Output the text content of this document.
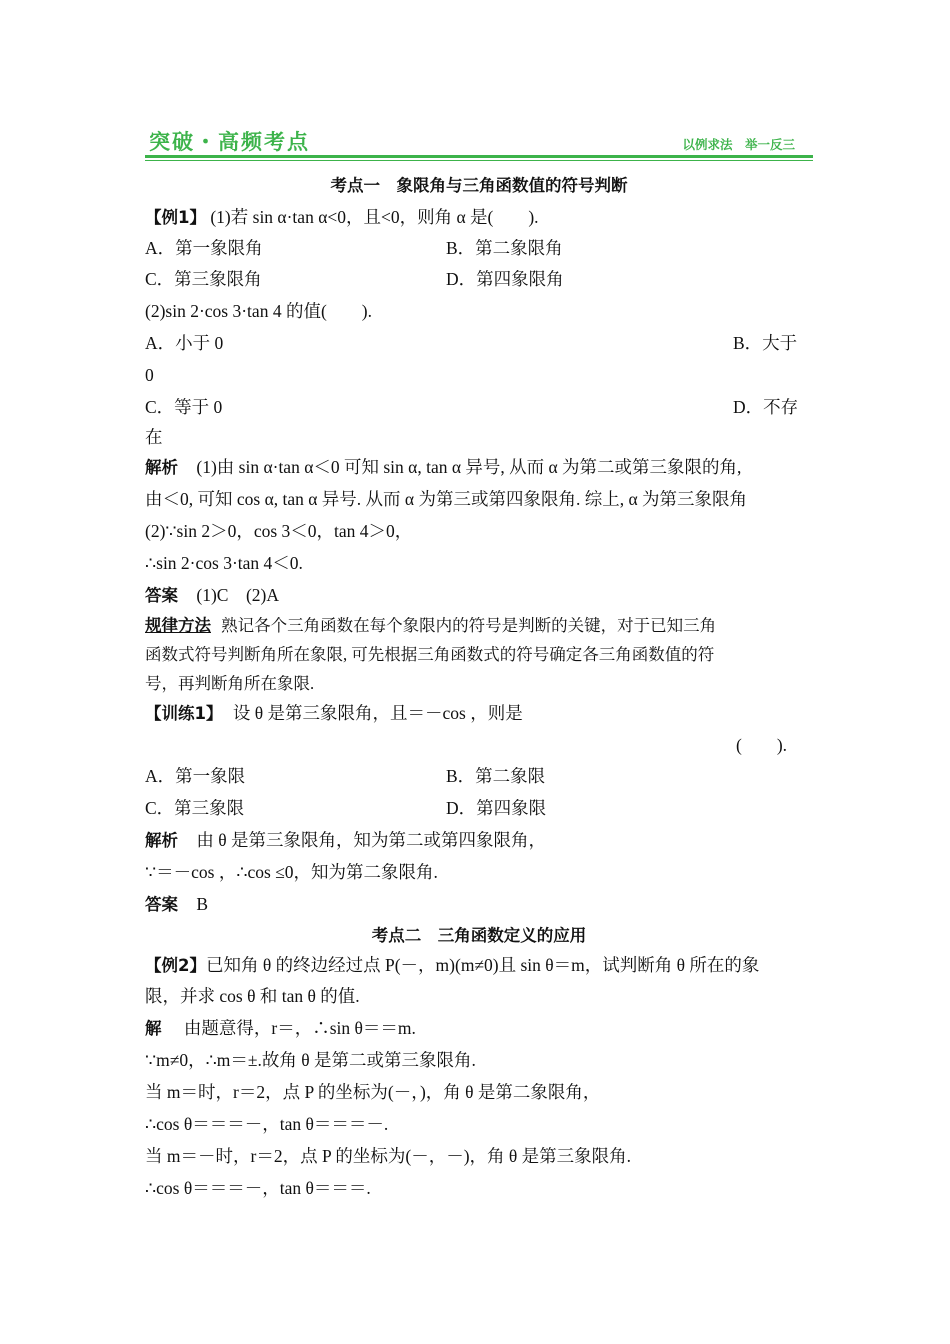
突破・高频考点	以例求法　举一反三
考点一　象限角与三角函数值的符号判断
【例1】 (1)若 sin α·tan α<0，且<0，则角 α 是(　　).
A．第一象限角	B．第二象限角
C．第三象限角	D．第四象限角
(2)sin 2·cos 3·tan 4 的值(　　).
A．小于 0	B．大于
0
C．等于 0	D．不存
在
解析 (1)由 sin α·tan α＜0 可知 sin α, tan α 异号, 从而 α 为第二或第三象限的角,
由＜0, 可知 cos α, tan α 异号. 从而 α 为第三或第四象限角. 综上, α 为第三象限角
(2)∵sin 2＞0，cos 3＜0，tan 4＞0，
∴sin 2·cos 3·tan 4＜0.
答案 (1)C　(2)A
规律方法 熟记各个三角函数在每个象限内的符号是判断的关键，对于已知三角
函数式符号判断角所在象限, 可先根据三角函数式的符号确定各三角函数值的符
号，再判断角所在象限.
【训练1】 设 θ 是第三象限角，且＝－cos ，则是
(　　).
A．第一象限	B．第二象限
C．第三象限	D．第四象限
解析 由 θ 是第三象限角，知为第二或第四象限角，
∵＝－cos ，∴cos ≤0，知为第二象限角.
答案 B
考点二　三角函数定义的应用
【例2】已知角 θ 的终边经过点 P(－，m)(m≠0)且 sin θ＝m，试判断角 θ 所在的象
限，并求 cos θ 和 tan θ 的值.
解 由题意得，r＝，∴sin θ＝＝m.
∵m≠0，∴m＝±.故角 θ 是第二或第三象限角.
当 m＝时，r＝2，点 P 的坐标为(－，)，角 θ 是第二象限角，
∴cos θ＝＝＝－，tan θ＝＝＝－.
当 m＝－时，r＝2，点 P 的坐标为(－，－)，角 θ 是第三象限角.
∴cos θ＝＝＝－，tan θ＝＝＝.
